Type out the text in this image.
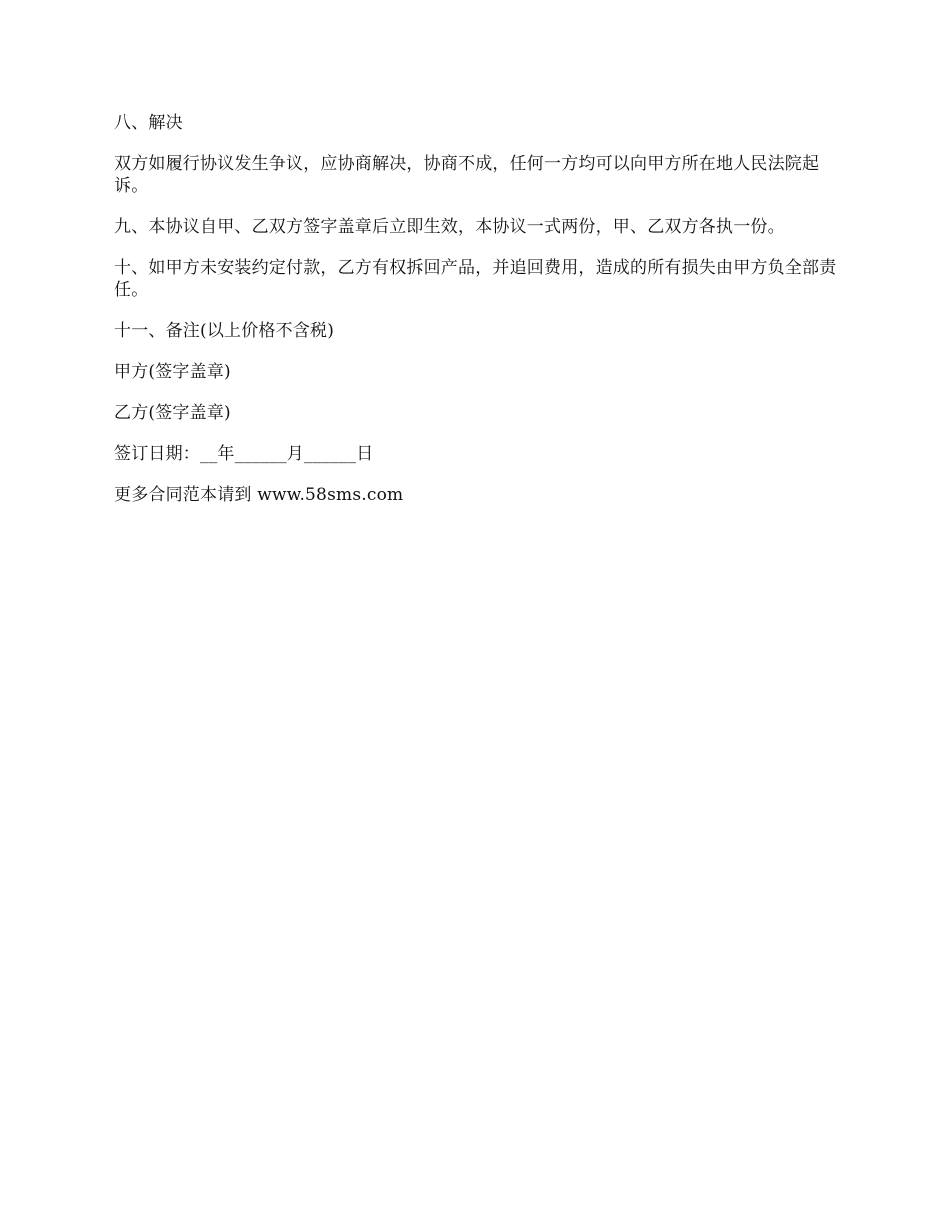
八、解决

双方如履行协议发生争议，应协商解决，协商不成，任何一方均可以向甲方所在地人民法院起诉。

九、本协议自甲、乙双方签字盖章后立即生效，本协议一式两份，甲、乙双方各执一份。

十、如甲方未安装约定付款，乙方有权拆回产品，并追回费用，造成的所有损失由甲方负全部责任。

十一、备注(以上价格不含税)

甲方(签字盖章)

乙方(签字盖章)

签订日期：__年______月______日

更多合同范本请到 www.58sms.com
